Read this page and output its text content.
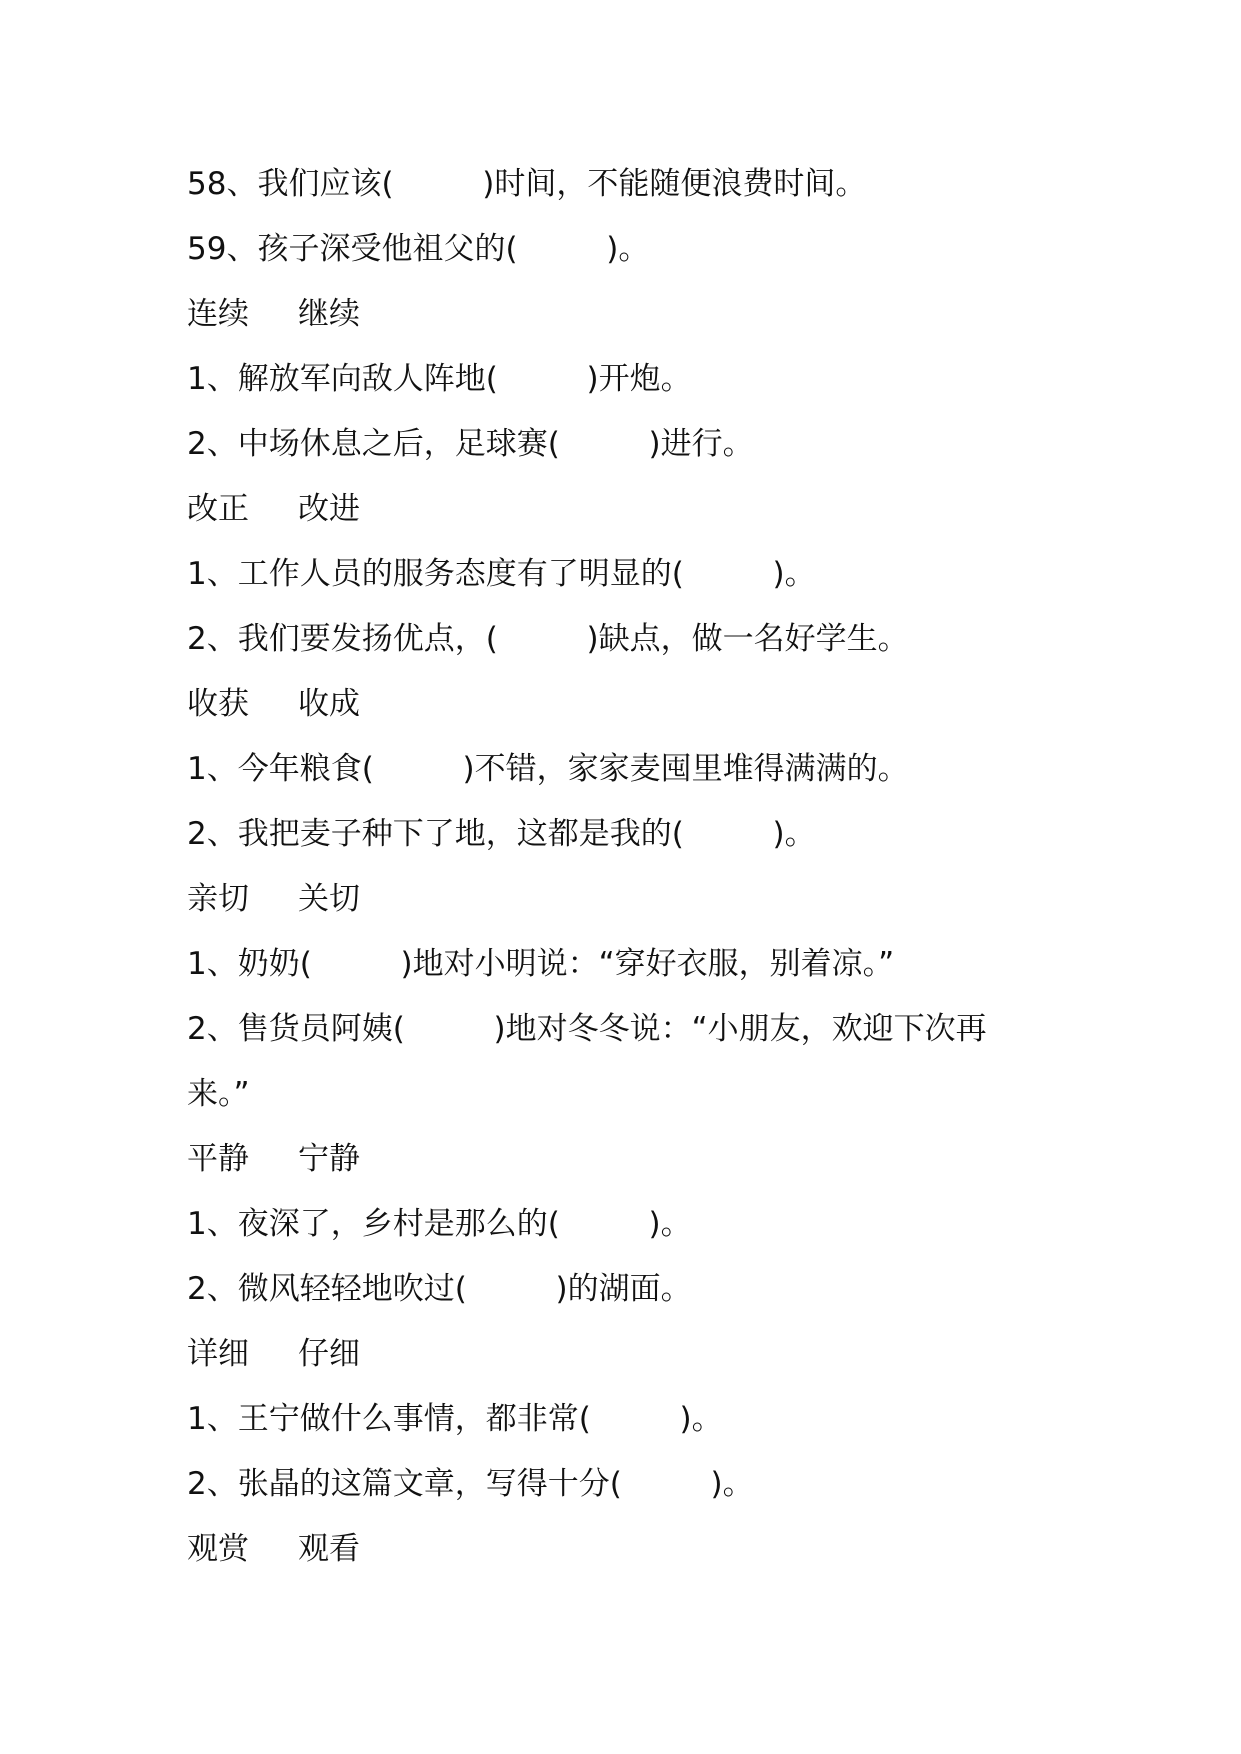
58、我们应该(         )时间，不能随便浪费时间。
59、孩子深受他祖父的(         )。
连续	继续
1、解放军向敌人阵地(         )开炮。
2、中场休息之后，足球赛(         )进行。
改正	改进
1、工作人员的服务态度有了明显的(         )。
2、我们要发扬优点，(         )缺点，做一名好学生。
收获	收成
1、今年粮食(         )不错，家家麦囤里堆得满满的。
2、我把麦子种下了地，这都是我的(         )。
亲切	关切
1、奶奶(         )地对小明说：“穿好衣服，别着凉。”
2、售货员阿姨(         )地对冬冬说：“小朋友，欢迎下次再
来。”
平静	宁静
1、夜深了，乡村是那么的(         )。
2、微风轻轻地吹过(         )的湖面。
详细	仔细
1、王宁做什么事情，都非常(         )。
2、张晶的这篇文章，写得十分(         )。
观赏	观看
